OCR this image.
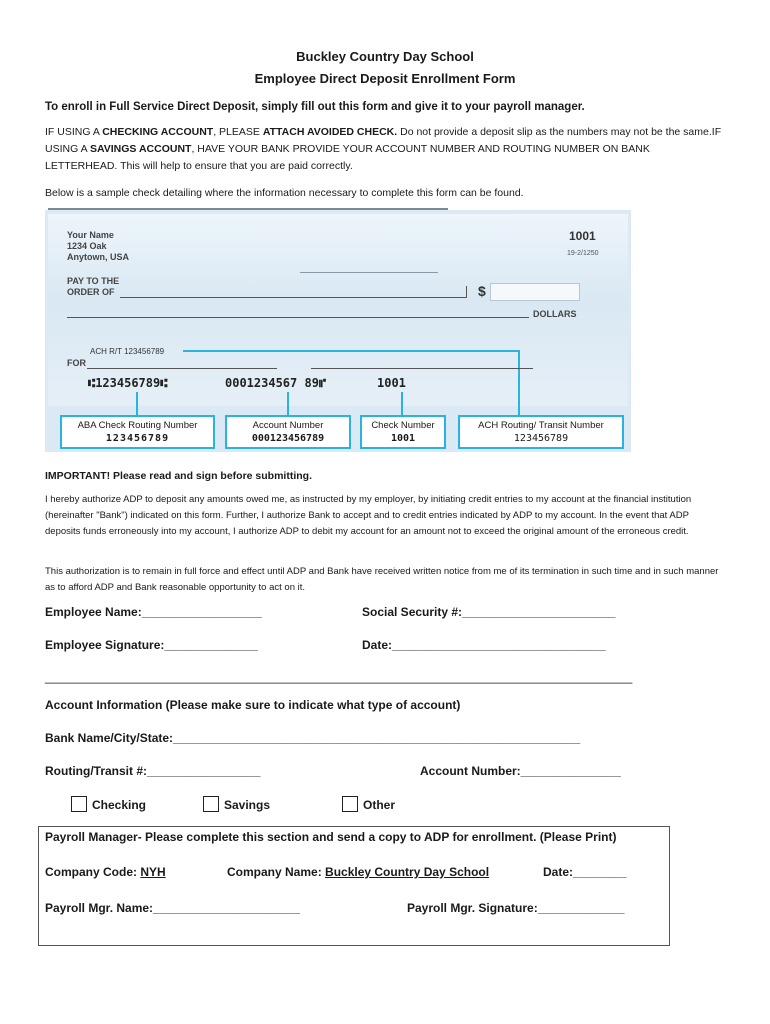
Buckley Country Day School
Employee Direct Deposit Enrollment Form
To enroll in Full Service Direct Deposit, simply fill out this form and give it to your payroll manager.
IF USING A CHECKING ACCOUNT, PLEASE ATTACH AVOIDED CHECK. Do not provide a deposit slip as the numbers may not be the same.IF USING A SAVINGS ACCOUNT, HAVE YOUR BANK PROVIDE YOUR ACCOUNT NUMBER AND ROUTING NUMBER ON BANK LETTERHEAD. This will help to ensure that you are paid correctly.
Below is a sample check detailing where the information necessary to complete this form can be found.
Your Name
1234 Oak
Anytown, USA
1001
19-2/1250
PAY TO THE
ORDER OF	$
DOLLARS
ACH R/T 123456789
FOR
⑆123456789⑆	0001234567 89⑈	1001
ABA Check Routing Number
123456789
Account Number
000123456789
Check Number
1001
ACH Routing/ Transit Number
123456789
IMPORTANT! Please read and sign before submitting.
I hereby authorize ADP to deposit any amounts owed me, as instructed by my employer, by initiating credit entries to my account at the financial institution (hereinafter "Bank") indicated on this form. Further, I authorize Bank to accept and to credit entries indicated by ADP to my account. In the event that ADP deposits funds erroneously into my account, I authorize ADP to debit my account for an amount not to exceed the original amount of the erroneous credit.
This authorization is to remain in full force and effect until ADP and Bank have received written notice from me of its termination in such time and in such manner as to afford ADP and Bank reasonable opportunity to act on it.
Employee Name:__________________	Social Security #:_______________________
Employee Signature:______________	Date:________________________________
________________________________________________________________________________________
Account Information (Please make sure to indicate what type of account)
Bank Name/City/State:_____________________________________________________________
Routing/Transit #:_________________	Account Number:_______________
Checking	Savings	Other
Payroll Manager- Please complete this section and send a copy to ADP for enrollment. (Please Print)
Company Code: NYH	Company Name: Buckley Country Day School	Date:________
Payroll Mgr. Name:______________________	Payroll Mgr. Signature:_____________
